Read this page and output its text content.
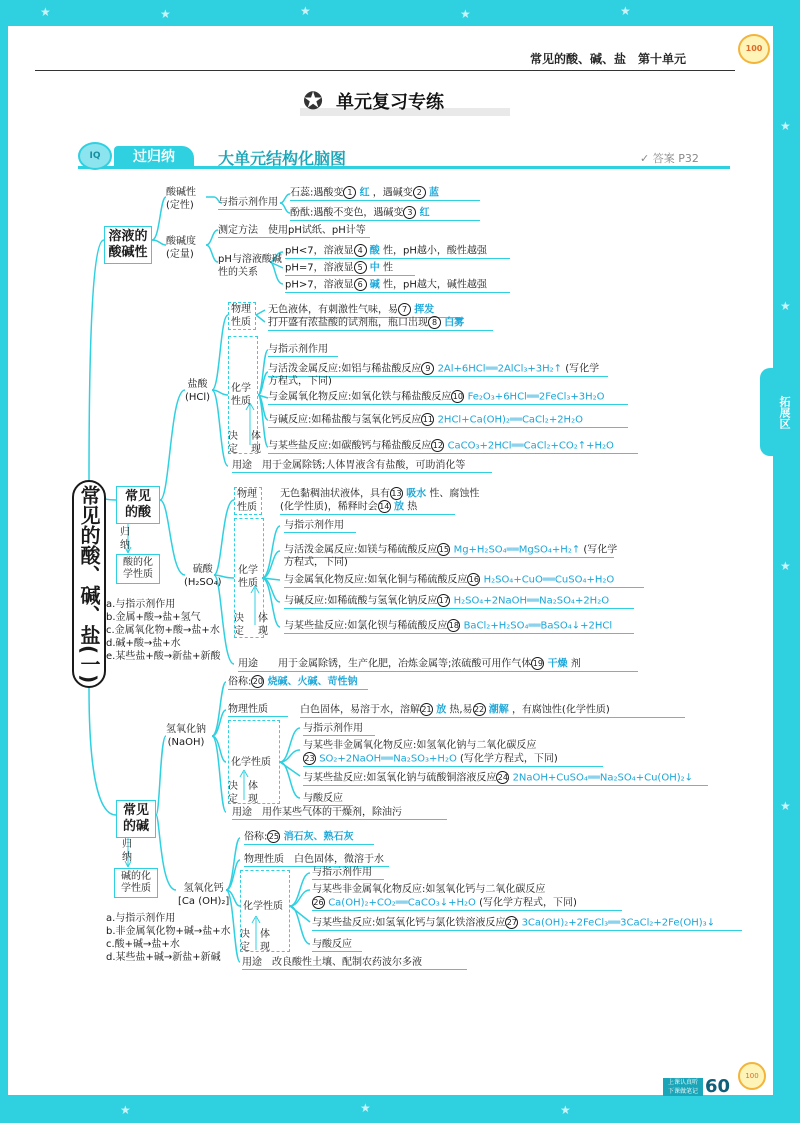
★	★	★	★	★
★
★
★
★
★	★	★
常见的酸、碱、盐　第十单元
100
✪ 单元复习专练
IQ	过归纳	大单元结构化脑图	✓ 答案 P32
拓展区
常见的酸、碱、盐(一)
溶液的酸碱性
酸碱性
(定性)
酸碱度
(定量)
与指示剂作用
石蕊:遇酸变 1 红 ，遇碱变 2 蓝
酚酞:遇酸不变色，遇碱变 3 红
测定方法　使用pH试纸、pH计等
pH与溶液酸碱
性的关系
pH<7，溶液显 4 酸 性，pH越小，酸性越强
pH=7，溶液显 5 中 性
pH>7，溶液显 6 碱 性，pH越大，碱性越强
常见的酸
归
纳
酸的化
学性质
a.与指示剂作用
b.金属+酸→盐+氢气
c.金属氧化物+酸→盐+水
d.碱+酸→盐+水
e.某些盐+酸→新盐+新酸
盐酸
(HCl)
物理
性质
无色液体，有刺激性气味，易 7 挥发
打开盛有浓盐酸的试剂瓶，瓶口出现 8 白雾
化学
性质
决
定
体
现
与指示剂作用
与活泼金属反应:如铝与稀盐酸反应 9 2Al+6HCl══2AlCl₃+3H₂↑ (写化学
方程式，下同)
与金属氧化物反应:如氧化铁与稀盐酸反应10 Fe₂O₃+6HCl══2FeCl₃+3H₂O
与碱反应:如稀盐酸与氢氧化钙反应11 2HCl+Ca(OH)₂══CaCl₂+2H₂O
与某些盐反应:如碳酸钙与稀盐酸反应12 CaCO₃+2HCl══CaCl₂+CO₂↑+H₂O
用途　 用于金属除锈;人体胃液含有盐酸，可助消化等
硫酸
(H₂SO₄)
物理
性质
无色黏稠油状液体，具有13 吸水 性、腐蚀性
(化学性质)，稀释时会14 放 热
化学
性质
决
定
体
现
与指示剂作用
与活泼金属反应:如镁与稀硫酸反应15 Mg+H₂SO₄══MgSO₄+H₂↑ (写化学
方程式，下同)
与金属氧化物反应:如氧化铜与稀硫酸反应16 H₂SO₄+CuO══CuSO₄+H₂O
与碱反应:如稀硫酸与氢氧化钠反应17 H₂SO₄+2NaOH══Na₂SO₄+2H₂O
与某些盐反应:如氯化钡与稀硫酸反应18 BaCl₂+H₂SO₄══BaSO₄↓+2HCl
用途　　 用于金属除锈，生产化肥，冶炼金属等;浓硫酸可用作气体19 干燥 剂
常见的碱
归
纳
碱的化
学性质
a.与指示剂作用
b.非金属氧化物+碱→盐+水
c.酸+碱→盐+水
d.某些盐+碱→新盐+新碱
氢氧化钠
(NaOH)
俗称:20 烧碱、火碱、苛性钠
物理性质	白色固体，易溶于水，溶解21 放 热,易22 潮解 ，有腐蚀性(化学性质)
化学性质
决
定
体
现
与指示剂作用
与某些非金属氧化物反应:如氢氧化钠与二氧化碳反应
23 SO₂+2NaOH══Na₂SO₃+H₂O (写化学方程式，下同)
与某些盐反应:如氢氧化钠与硫酸铜溶液反应24 2NaOH+CuSO₄══Na₂SO₄+Cu(OH)₂↓
与酸反应
用途　 用作某些气体的干燥剂，除油污
氢氧化钙
[Ca (OH)₂]
俗称:25 消石灰、熟石灰
物理性质　 白色固体，微溶于水
化学性质
决
定
体
现
与指示剂作用
与某些非金属氧化物反应:如氢氧化钙与二氧化碳反应
26 Ca(OH)₂+CO₂══CaCO₃↓+H₂O (写化学方程式，下同)
与某些盐反应:如氢氧化钙与氯化铁溶液反应27 3Ca(OH)₂+2FeCl₃══3CaCl₂+2Fe(OH)₃↓
与酸反应
用途　 改良酸性土壤、配制农药波尔多液
上课认真听
下课做笔记 60	100
